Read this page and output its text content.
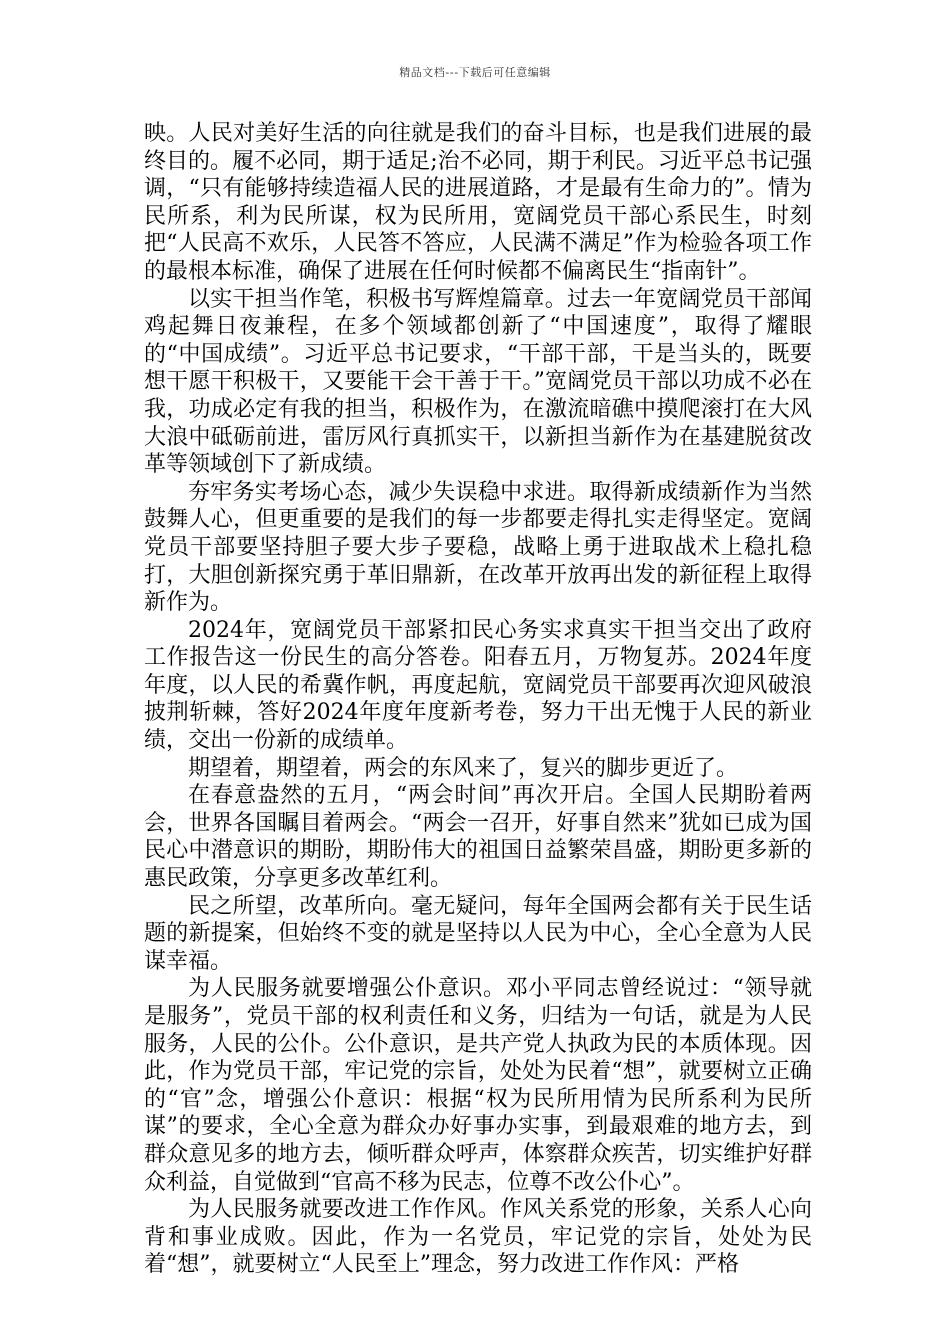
精品文档---下载后可任意编辑

映。人民对美好生活的向往就是我们的奋斗目标，也是我们进展的最终目的。履不必同，期于适足;治不必同，期于利民。习近平总书记强调，“只有能够持续造福人民的进展道路，才是最有生命力的”。情为民所系，利为民所谋，权为民所用，宽阔党员干部心系民生，时刻把“人民高不欢乐，人民答不答应，人民满不满足”作为检验各项工作的最根本标准，确保了进展在任何时候都不偏离民生“指南针”。

以实干担当作笔，积极书写辉煌篇章。过去一年宽阔党员干部闻鸡起舞日夜兼程，在多个领域都创新了“中国速度”，取得了耀眼的“中国成绩”。习近平总书记要求，“干部干部，干是当头的，既要想干愿干积极干，又要能干会干善于干。”宽阔党员干部以功成不必在我，功成必定有我的担当，积极作为，在激流暗礁中摸爬滚打在大风大浪中砥砺前进，雷厉风行真抓实干，以新担当新作为在基建脱贫改革等领域创下了新成绩。

夯牢务实考场心态，减少失误稳中求进。取得新成绩新作为当然鼓舞人心，但更重要的是我们的每一步都要走得扎实走得坚定。宽阔党员干部要坚持胆子要大步子要稳，战略上勇于进取战术上稳扎稳打，大胆创新探究勇于革旧鼎新，在改革开放再出发的新征程上取得新作为。

2024年，宽阔党员干部紧扣民心务实求真实干担当交出了政府工作报告这一份民生的高分答卷。阳春五月，万物复苏。2024年度年度，以人民的希冀作帆，再度起航，宽阔党员干部要再次迎风破浪披荆斩棘，答好2024年度年度新考卷，努力干出无愧于人民的新业绩，交出一份新的成绩单。

期望着，期望着，两会的东风来了，复兴的脚步更近了。

在春意盎然的五月，“两会时间”再次开启。全国人民期盼着两会，世界各国瞩目着两会。“两会一召开，好事自然来”犹如已成为国民心中潜意识的期盼，期盼伟大的祖国日益繁荣昌盛，期盼更多新的惠民政策，分享更多改革红利。

民之所望，改革所向。毫无疑问，每年全国两会都有关于民生话题的新提案，但始终不变的就是坚持以人民为中心，全心全意为人民谋幸福。

为人民服务就要增强公仆意识。邓小平同志曾经说过：“领导就是服务”，党员干部的权利责任和义务，归结为一句话，就是为人民服务，人民的公仆。公仆意识，是共产党人执政为民的本质体现。因此，作为党员干部，牢记党的宗旨，处处为民着“想”，就要树立正确的“官”念，增强公仆意识：根据“权为民所用情为民所系利为民所谋”的要求，全心全意为群众办好事办实事，到最艰难的地方去，到群众意见多的地方去，倾听群众呼声，体察群众疾苦，切实维护好群众利益，自觉做到“官高不移为民志，位尊不改公仆心”。

为人民服务就要改进工作作风。作风关系党的形象，关系人心向背和事业成败。因此，作为一名党员，牢记党的宗旨，处处为民着“想”，就要树立“人民至上”理念，努力改进工作作风：严格
